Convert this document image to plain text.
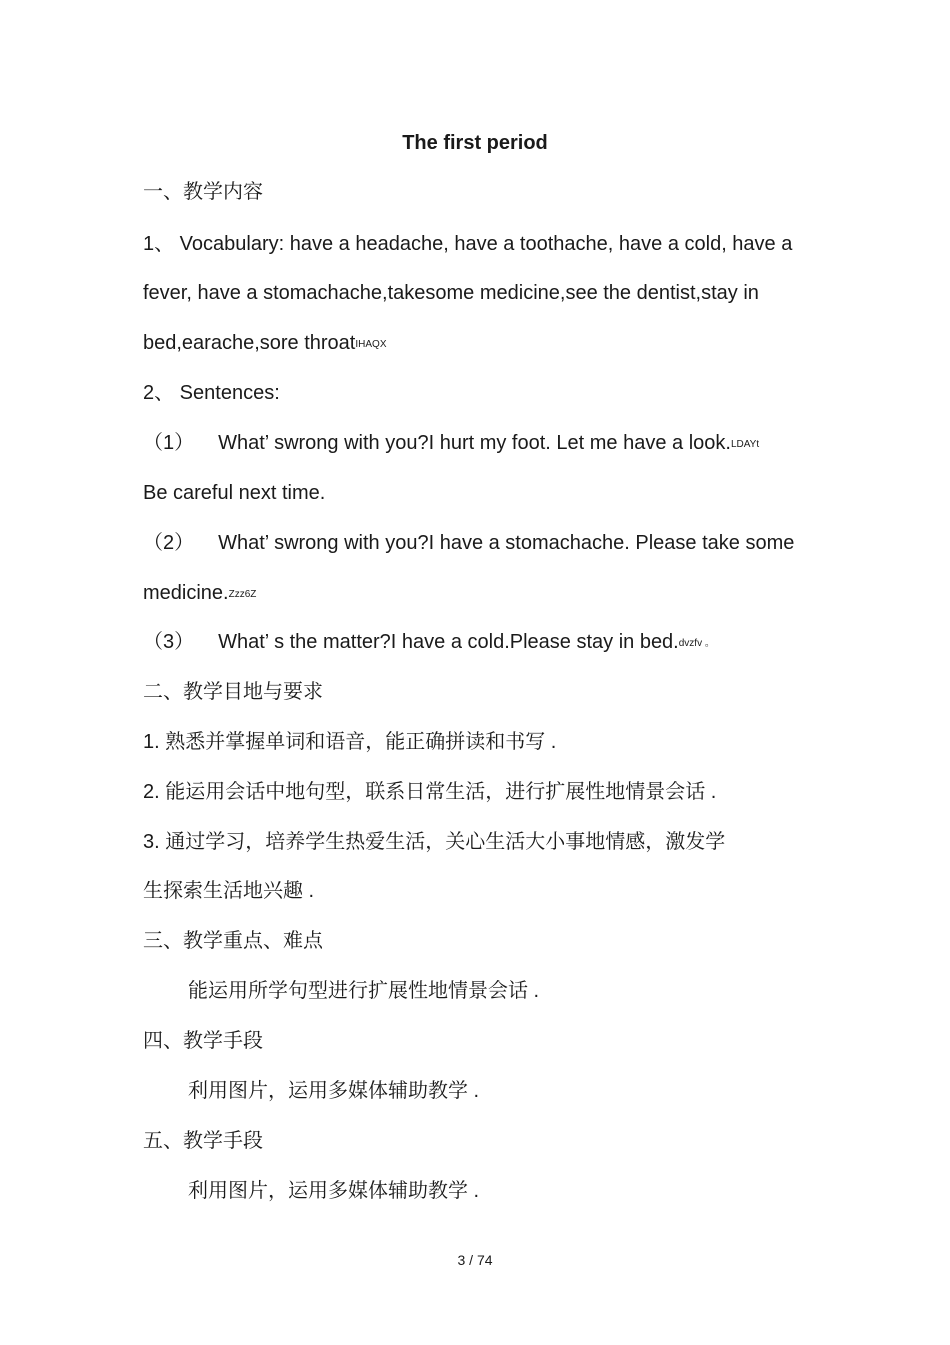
The first period
一、教学内容
1、 Vocabulary: have a headache, have a toothache, have a cold, have a
fever, have a stomachache,takesome medicine,see the dentist,stay in
bed,earache,sore throatIHAQX
2、 Sentences:
（1） What’ swrong with you?I hurt my foot. Let me have a look.LDAYt
Be careful next time.
（2） What’ swrong with you?I have a stomachache. Please take some
medicine.Zzz6Z
（3） What’ s the matter?I have a cold.Please stay in bed.dvzfv 。
二、教学目地与要求
1. 熟悉并掌握单词和语音，能正确拼读和书写 .
2. 能运用会话中地句型，联系日常生活，进行扩展性地情景会话 .
3. 通过学习，培养学生热爱生活，关心生活大小事地情感，激发学
生探索生活地兴趣 .
三、教学重点、难点
能运用所学句型进行扩展性地情景会话 .
四、教学手段
利用图片，运用多媒体辅助教学 .
五、教学手段
利用图片，运用多媒体辅助教学 .
3 / 74
